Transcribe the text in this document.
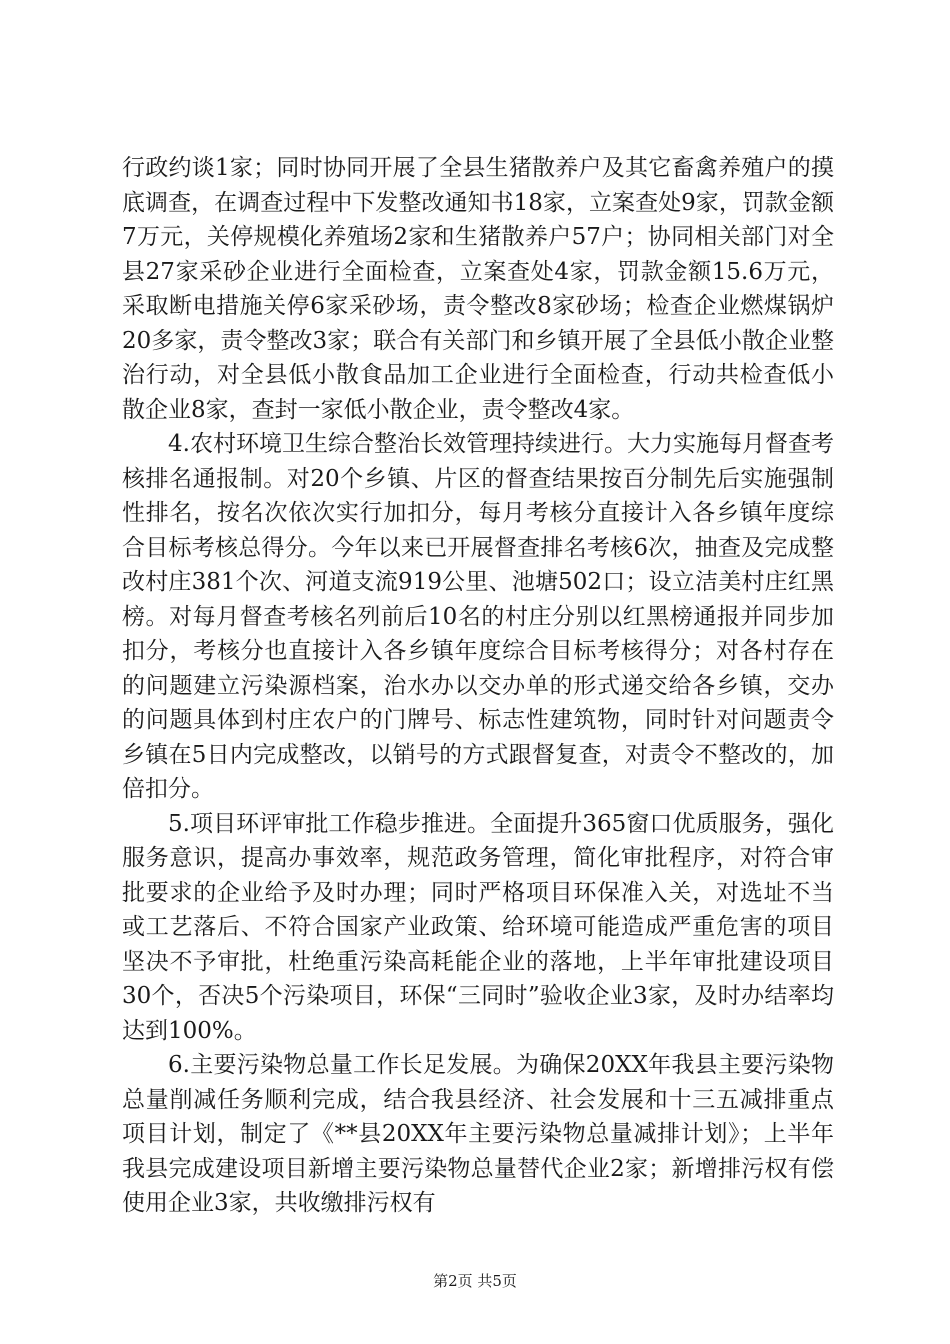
行政约谈1家；同时协同开展了全县生猪散养户及其它畜禽养殖户的摸底调查，在调查过程中下发整改通知书18家，立案查处9家，罚款金额7万元，关停规模化养殖场2家和生猪散养户57户；协同相关部门对全县27家采砂企业进行全面检查，立案查处4家，罚款金额15.6万元，采取断电措施关停6家采砂场，责令整改8家砂场；检查企业燃煤锅炉20多家，责令整改3家；联合有关部门和乡镇开展了全县低小散企业整治行动，对全县低小散食品加工企业进行全面检查，行动共检查低小散企业8家，查封一家低小散企业，责令整改4家。

4.农村环境卫生综合整治长效管理持续进行。大力实施每月督查考核排名通报制。对20个乡镇、片区的督查结果按百分制先后实施强制性排名，按名次依次实行加扣分，每月考核分直接计入各乡镇年度综合目标考核总得分。今年以来已开展督查排名考核6次，抽查及完成整改村庄381个次、河道支流919公里、池塘502口；设立洁美村庄红黑榜。对每月督查考核名列前后10名的村庄分别以红黑榜通报并同步加扣分，考核分也直接计入各乡镇年度综合目标考核得分；对各村存在的问题建立污染源档案，治水办以交办单的形式递交给各乡镇，交办的问题具体到村庄农户的门牌号、标志性建筑物，同时针对问题责令乡镇在5日内完成整改，以销号的方式跟督复查，对责令不整改的，加倍扣分。

5.项目环评审批工作稳步推进。全面提升365窗口优质服务，强化服务意识，提高办事效率，规范政务管理，简化审批程序，对符合审批要求的企业给予及时办理；同时严格项目环保准入关，对选址不当或工艺落后、不符合国家产业政策、给环境可能造成严重危害的项目坚决不予审批，杜绝重污染高耗能企业的落地，上半年审批建设项目30个，否决5个污染项目，环保“三同时”验收企业3家，及时办结率均达到100%。

6.主要污染物总量工作长足发展。为确保20XX年我县主要污染物总量削减任务顺利完成，结合我县经济、社会发展和十三五减排重点项目计划，制定了《**县20XX年主要污染物总量减排计划》；上半年我县完成建设项目新增主要污染物总量替代企业2家；新增排污权有偿使用企业3家，共收缴排污权有

第2页 共5页
